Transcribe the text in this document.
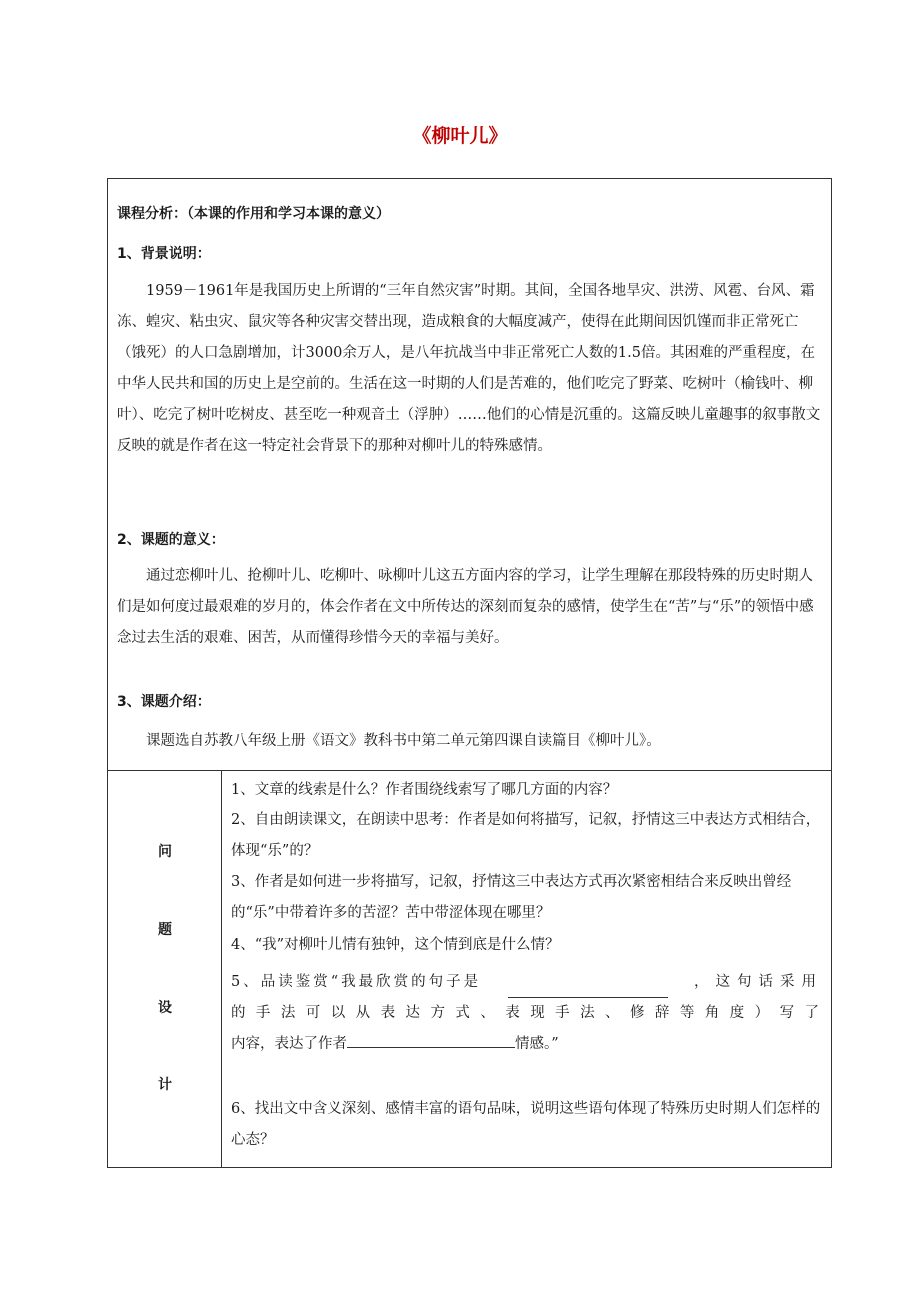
《柳叶儿》
课程分析：（本课的作用和学习本课的意义）
1、背景说明：

1959－1961年是我国历史上所谓的“三年自然灾害”时期。其间，全国各地旱灾、洪涝、风雹、台风、霜冻、蝗灾、粘虫灾、鼠灾等各种灾害交替出现，造成粮食的大幅度减产，使得在此期间因饥馑而非正常死亡（饿死）的人口急剧增加，计3000余万人，是八年抗战当中非正常死亡人数的1.5倍。其困难的严重程度，在中华人民共和国的历史上是空前的。生活在这一时期的人们是苦难的，他们吃完了野菜、吃树叶（榆钱叶、柳叶）、吃完了树叶吃树皮、甚至吃一种观音土（浮肿）……他们的心情是沉重的。这篇反映儿童趣事的叙事散文反映的就是作者在这一特定社会背景下的那种对柳叶儿的特殊感情。

2、课题的意义：

通过恋柳叶儿、抢柳叶儿、吃柳叶、咏柳叶儿这五方面内容的学习，让学生理解在那段特殊的历史时期人们是如何度过最艰难的岁月的，体会作者在文中所传达的深刻而复杂的感情，使学生在“苦”与“乐”的领悟中感念过去生活的艰难、困苦，从而懂得珍惜今天的幸福与美好。

3、课题介绍：
课题选自苏教八年级上册《语文》教科书中第二单元第四课自读篇目《柳叶儿》。
问
题
设
计

1、文章的线索是什么？作者围绕线索写了哪几方面的内容？

2、自由朗读课文，在朗读中思考：作者是如何将描写，记叙，抒情这三中表达方式相结合，体现“乐”的？

3、作者是如何进一步将描写，记叙，抒情这三中表达方式再次紧密相结合来反映出曾经的“乐”中带着许多的苦涩？苦中带涩体现在哪里？

4、“我”对柳叶儿情有独钟，这个情到底是什么情？

5、品读鉴赏“我最欣赏的句子是	，这句话采用
的手法可以从表达方式、表现手法、修辞等角度）写了
内容，表达了作者	情感。”

6、找出文中含义深刻、感情丰富的语句品味，说明这些语句体现了特殊历史时期人们怎样的心态？
